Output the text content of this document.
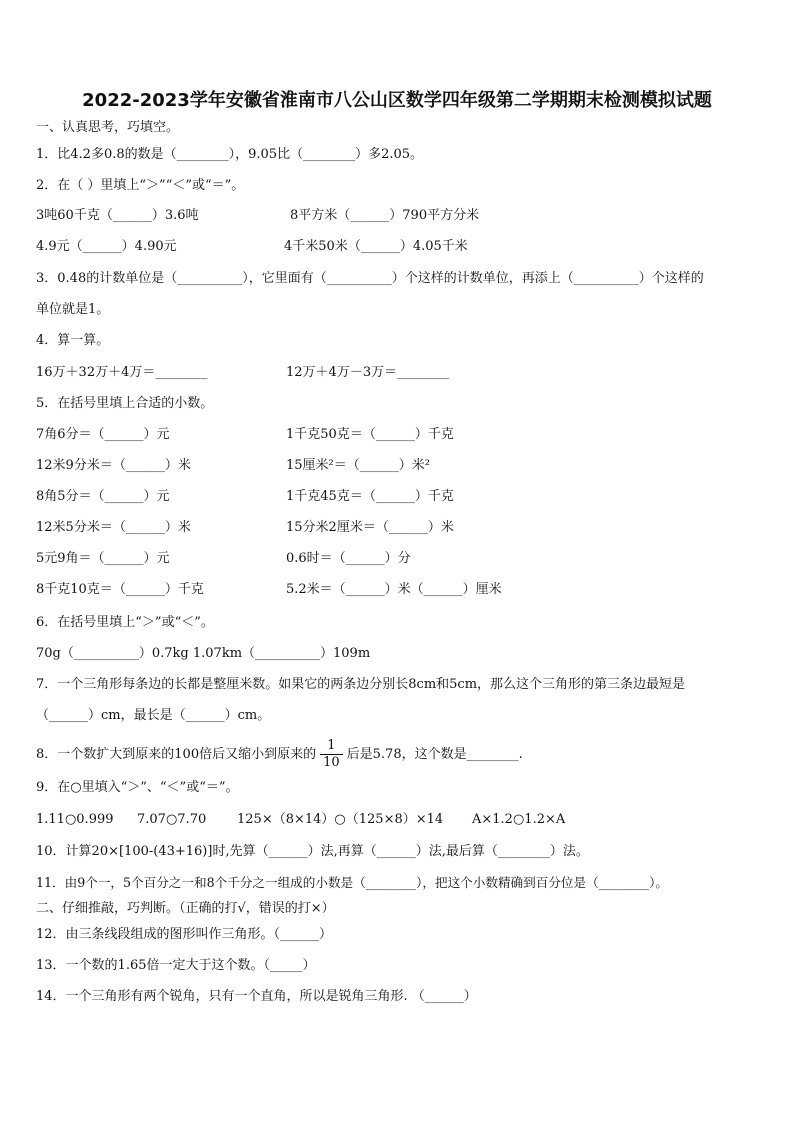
2022-2023学年安徽省淮南市八公山区数学四年级第二学期期末检测模拟试题
一、认真思考，巧填空。
1．比4.2多0.8的数是（________），9.05比（________）多2.05。
2．在（ ）里填上“＞”“＜”或“＝”。
3吨60千克（______）3.6吨	8平方米（______）790平方分米
4.9元（______）4.90元	4千米50米（______）4.05千米
3．0.48的计数单位是（__________），它里面有（__________）个这样的计数单位，再添上（__________）个这样的
单位就是1。
4．算一算。
16万＋32万＋4万＝________	12万＋4万－3万＝________
5．在括号里填上合适的小数。
7角6分＝（______）元	1千克50克＝（______）千克
12米9分米＝（______）米	15厘米²＝（______）米²
8角5分＝（______）元	1千克45克＝（______）千克
12米5分米＝（______）米	15分米2厘米＝（______）米
5元9角＝（______）元	0.6时＝（______）分
8千克10克＝（______）千克	5.2米＝（______）米（______）厘米
6．在括号里填上“＞”或“＜”。
70g（__________）0.7kg 1.07km（__________）109m
7．一个三角形每条边的长都是整厘米数。如果它的两条边分别长8cm和5cm，那么这个三角形的第三条边最短是
（______）cm，最长是（______）cm。
8．一个数扩大到原来的100倍后又缩小到原来的 $\frac{1}{10}$ 后是5.78，这个数是________.
9．在○里填入“＞”、“＜”或“＝”。
1.11○0.999 7.07○7.70 125×（8×14）○（125×8）×14 A×1.2○1.2×A
10．计算20×[100-(43+16)]时,先算（______）法,再算（______）法,最后算（________）法。
11．由9个一，5个百分之一和8个千分之一组成的小数是（________），把这个小数精确到百分位是（________）。
二、仔细推敲，巧判断。（正确的打√，错误的打×）
12．由三条线段组成的图形叫作三角形。（______）
13．一个数的1.65倍一定大于这个数。（_____）
14．一个三角形有两个锐角，只有一个直角，所以是锐角三角形. （______）
